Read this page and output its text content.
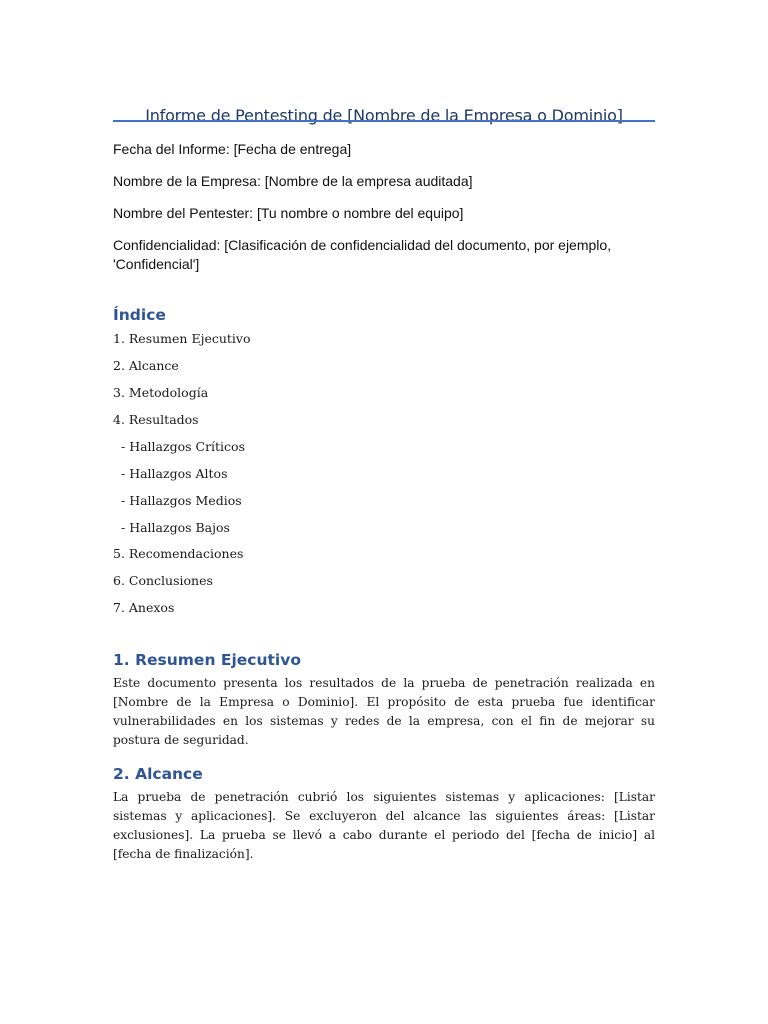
Informe de Pentesting de [Nombre de la Empresa o Dominio]

Fecha del Informe: [Fecha de entrega]

Nombre de la Empresa: [Nombre de la empresa auditada]

Nombre del Pentester: [Tu nombre o nombre del equipo]

Confidencialidad: [Clasificación de confidencialidad del documento, por ejemplo, 'Confidencial']

Índice

1. Resumen Ejecutivo

2. Alcance

3. Metodología

4. Resultados

- Hallazgos Críticos

- Hallazgos Altos

- Hallazgos Medios

- Hallazgos Bajos

5. Recomendaciones

6. Conclusiones

7. Anexos

1. Resumen Ejecutivo

Este documento presenta los resultados de la prueba de penetración realizada en [Nombre de la Empresa o Dominio]. El propósito de esta prueba fue identificar vulnerabilidades en los sistemas y redes de la empresa, con el fin de mejorar su postura de seguridad.

2. Alcance

La prueba de penetración cubrió los siguientes sistemas y aplicaciones: [Listar sistemas y aplicaciones]. Se excluyeron del alcance las siguientes áreas: [Listar exclusiones]. La prueba se llevó a cabo durante el periodo del [fecha de inicio] al [fecha de finalización].
